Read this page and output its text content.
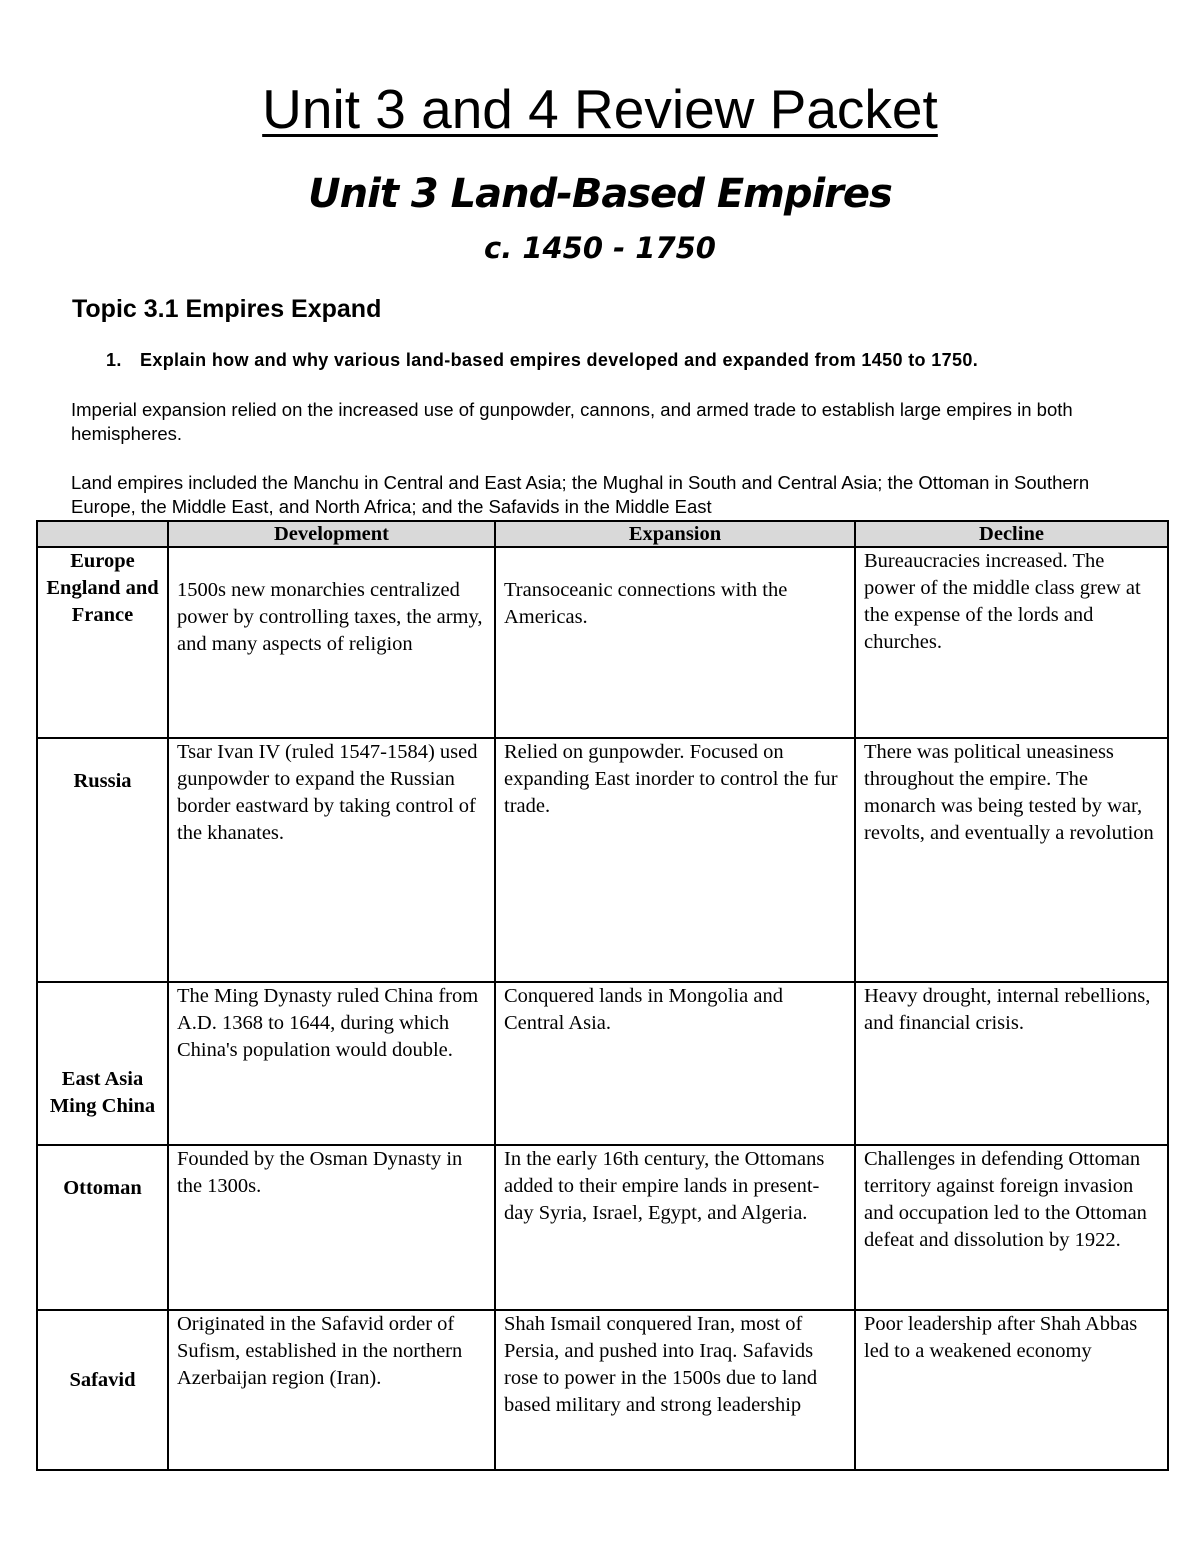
Unit 3 and 4 Review Packet
Unit 3 Land-Based Empires
c. 1450 - 1750
Topic 3.1 Empires Expand
1. Explain how and why various land-based empires developed and expanded from 1450 to 1750.
Imperial expansion relied on the increased use of gunpowder, cannons, and armed trade to establish large empires in both hemispheres.
Land empires included the Manchu in Central and East Asia; the Mughal in South and Central Asia; the Ottoman in Southern Europe, the Middle East, and North Africa; and the Safavids in the Middle East
	Development	Expansion	Decline
Europe England and France	1500s new monarchies centralized power by controlling taxes, the army, and many aspects of religion	Transoceanic connections with the Americas.	Bureaucracies increased. The power of the middle class grew at the expense of the lords and churches.
Russia	Tsar Ivan IV (ruled 1547-1584) used gunpowder to expand the Russian border eastward by taking control of the khanates.	Relied on gunpowder. Focused on expanding East inorder to control the fur trade.	There was political uneasiness throughout the empire. The monarch was being tested by war, revolts, and eventually a revolution
East Asia Ming China	The Ming Dynasty ruled China from A.D. 1368 to 1644, during which China's population would double.	Conquered lands in Mongolia and Central Asia.	Heavy drought, internal rebellions, and financial crisis.
Ottoman	Founded by the Osman Dynasty in the 1300s.	In the early 16th century, the Ottomans added to their empire lands in present-day Syria, Israel, Egypt, and Algeria.	Challenges in defending Ottoman territory against foreign invasion and occupation led to the Ottoman defeat and dissolution by 1922.
Safavid	Originated in the Safavid order of Sufism, established in the northern Azerbaijan region (Iran).	Shah Ismail conquered Iran, most of Persia, and pushed into Iraq. Safavids rose to power in the 1500s due to land based military and strong leadership	Poor leadership after Shah Abbas led to a weakened economy
